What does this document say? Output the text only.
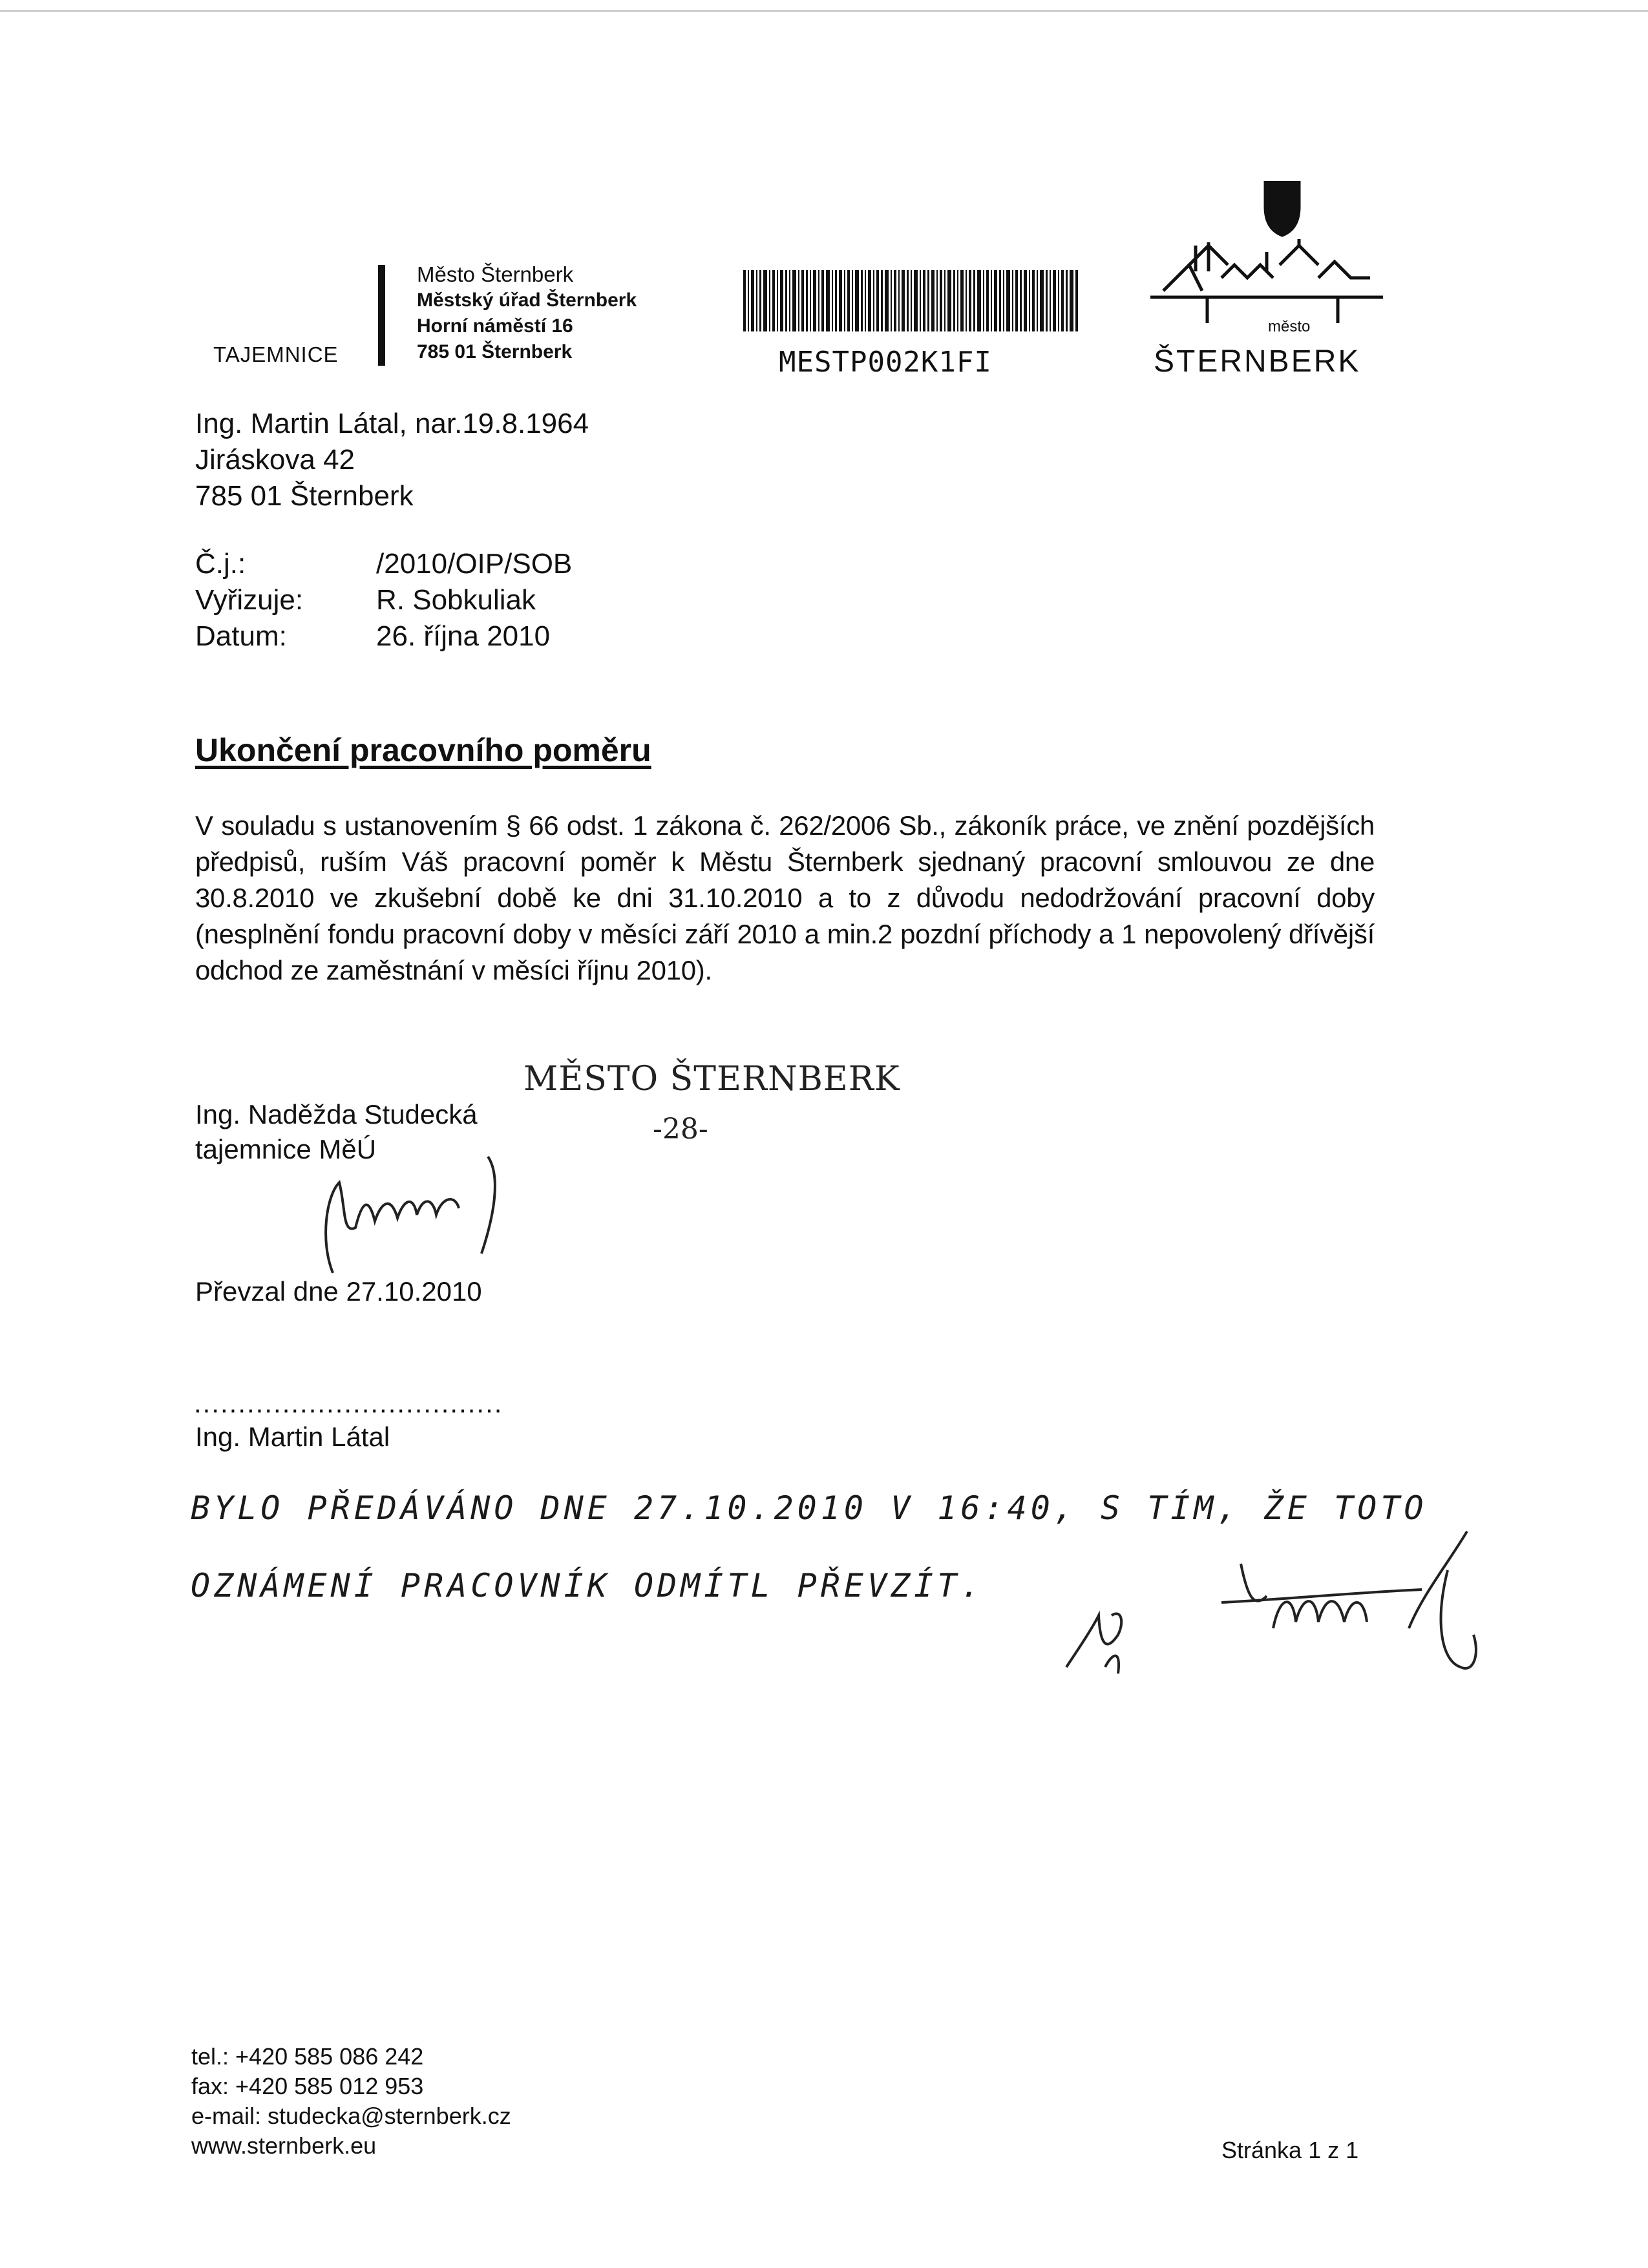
TAJEMNICE
Město Šternberk
Městský úřad Šternberk
Horní náměstí 16
785 01 Šternberk	MESTP002K1FI
město
ŠTERNBERK
Ing. Martin Látal, nar.19.8.1964
Jiráskova 42
785 01 Šternberk
Č.j.:
Vyřizuje:
Datum:
/2010/OIP/SOB
R. Sobkuliak
26. října 2010
Ukončení pracovního poměru
V souladu s ustanovením § 66 odst. 1 zákona č. 262/2006 Sb., zákoník práce, ve znění pozdějších předpisů, ruším Váš pracovní poměr k Městu Šternberk sjednaný pracovní smlouvou ze dne 30.8.2010 ve zkušební době ke dni 31.10.2010 a to z důvodu nedodržování pracovní doby (nesplnění fondu pracovní doby v měsíci září 2010 a min.2 pozdní příchody a 1 nepovolený dřívější odchod ze zaměstnání v měsíci říjnu 2010).
MĚSTO ŠTERNBERK
-28-
Ing. Naděžda Studecká
tajemnice MěÚ
Převzal dne 27.10.2010
...................................
Ing. Martin Látal
BYLO PŘEDÁVÁNO DNE 27.10.2010 V 16:40, S TÍM, ŽE TOTO
OZNÁMENÍ PRACOVNÍK ODMÍTL PŘEVZÍT.
tel.: +420 585 086 242
fax: +420 585 012 953
e-mail: studecka@sternberk.cz
www.sternberk.eu	Stránka 1 z 1
